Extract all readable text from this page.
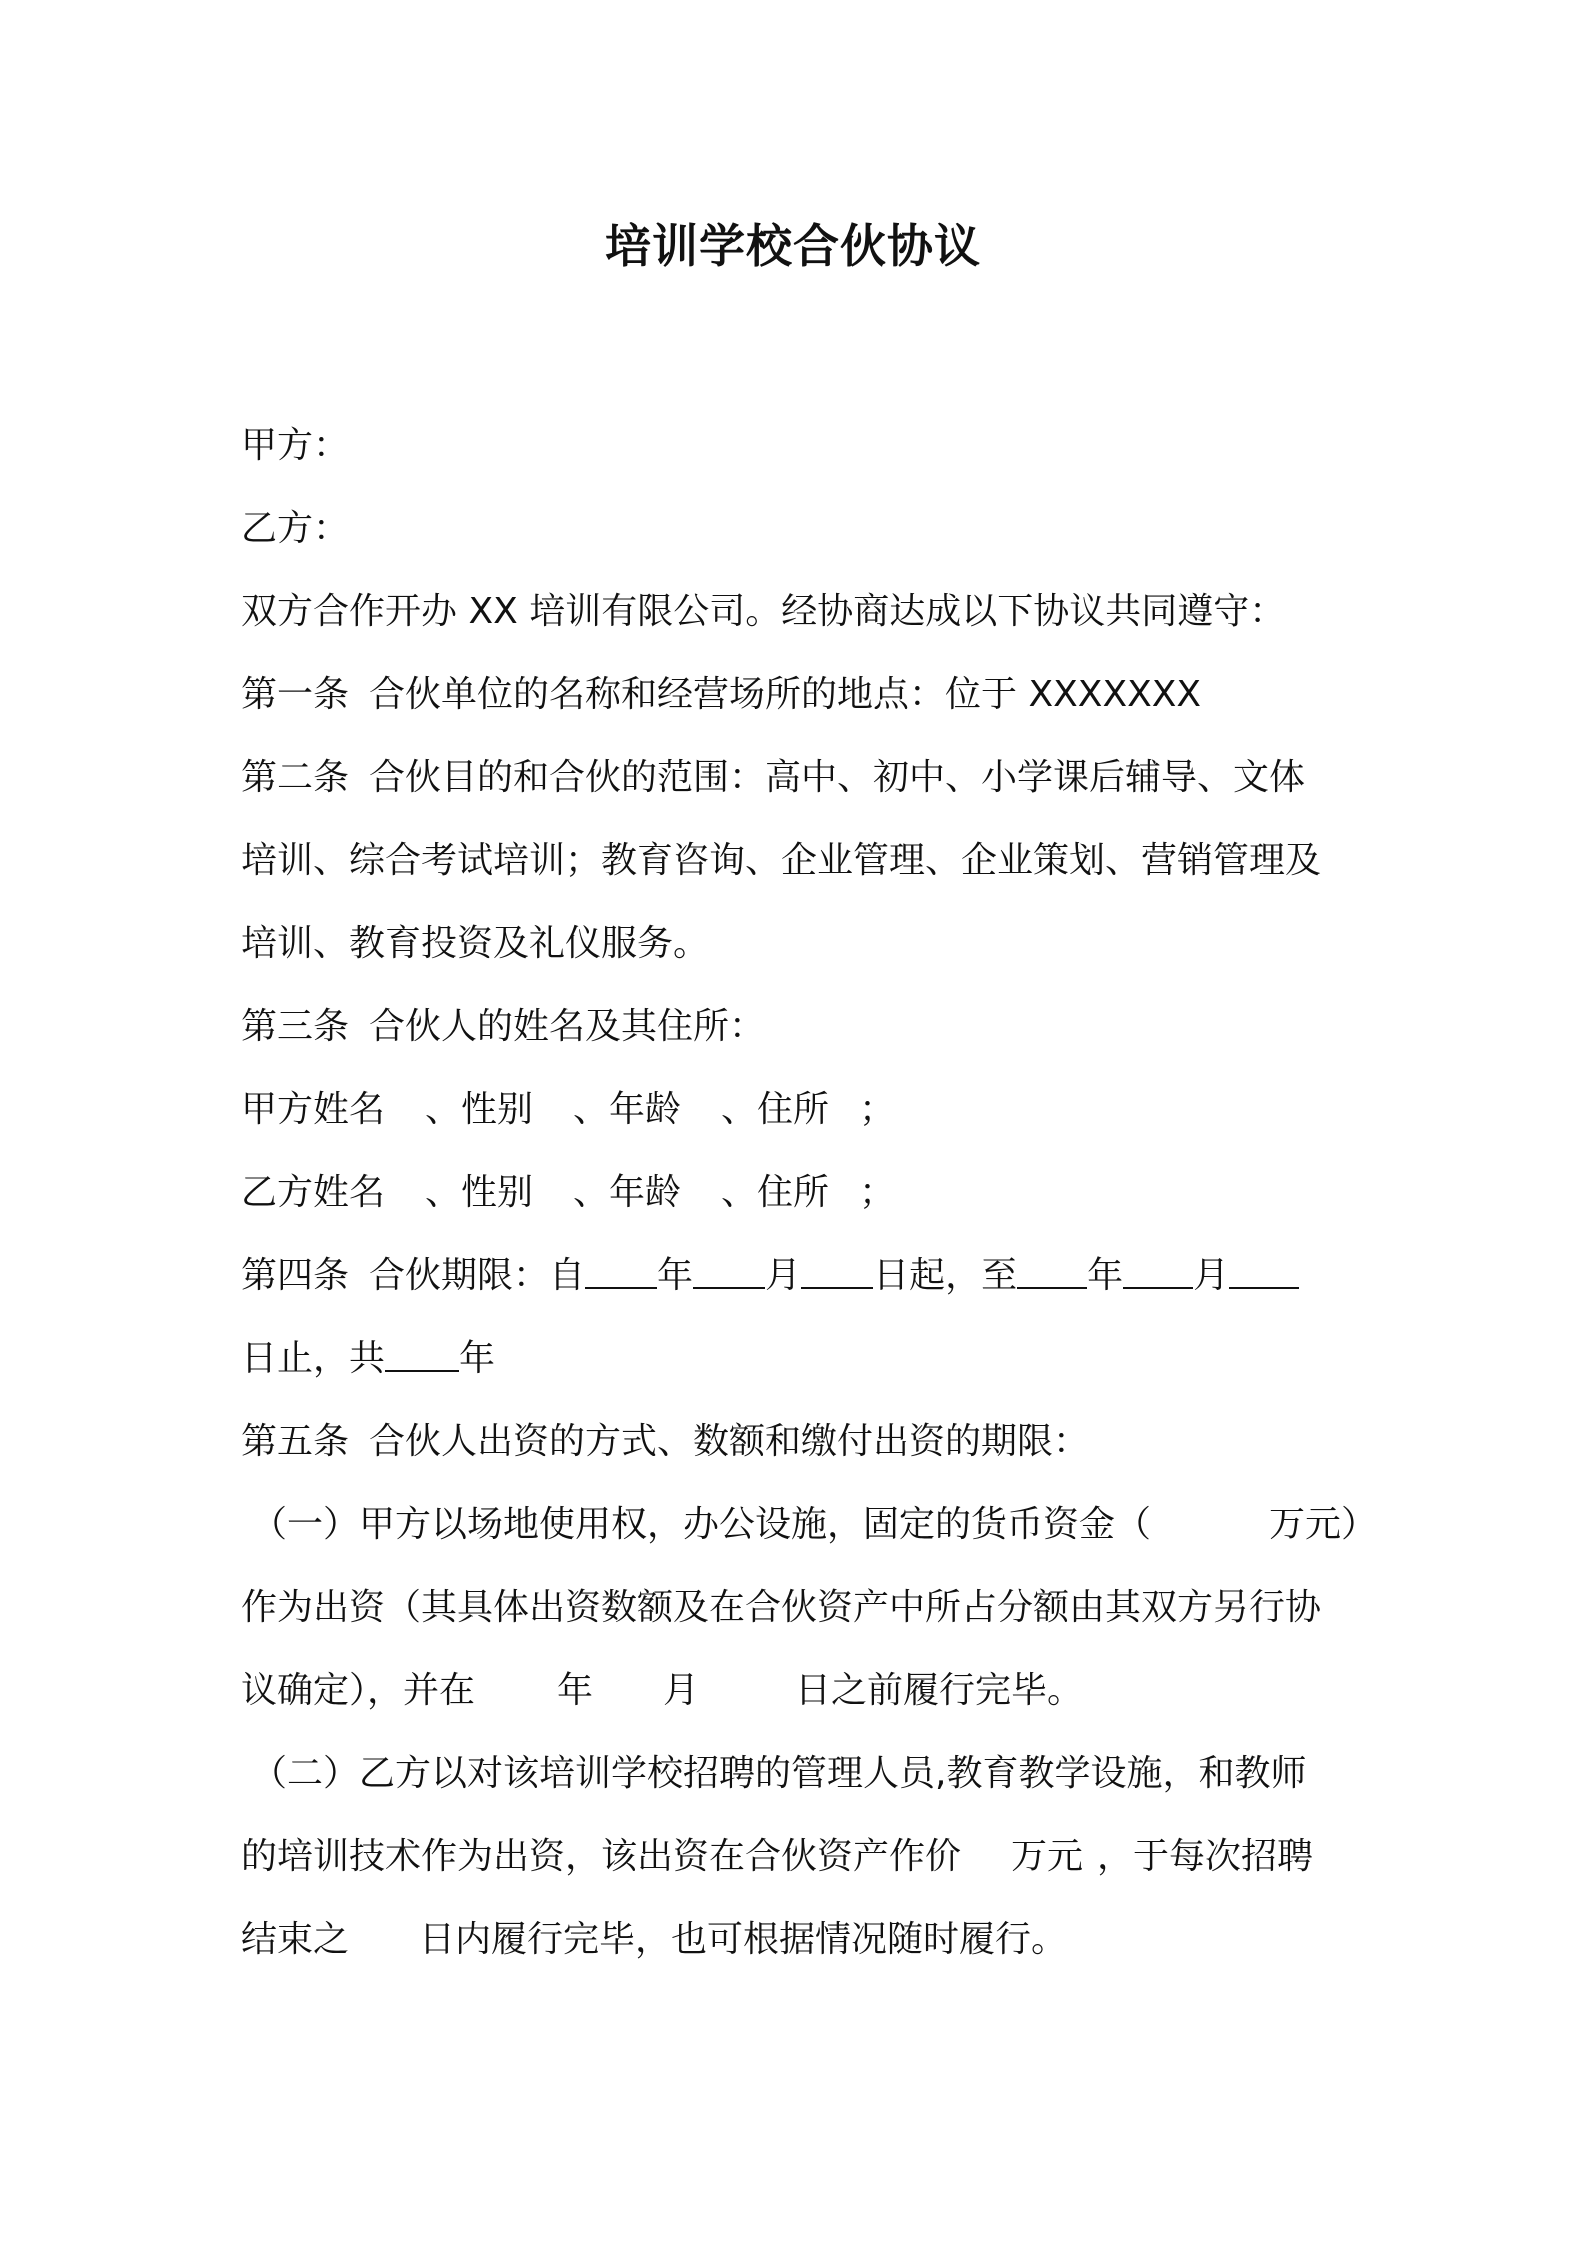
培训学校合伙协议
甲方：
乙方：
双方合作开办 XX 培训有限公司。经协商达成以下协议共同遵守：
第一条 合伙单位的名称和经营场所的地点：位于 XXXXXXX
第二条 合伙目的和合伙的范围：高中、初中、小学课后辅导、文体
培训、综合考试培训；教育咨询、企业管理、企业策划、营销管理及
培训、教育投资及礼仪服务。
第三条 合伙人的姓名及其住所：
甲方姓名 、性别 、年龄 、住所 ；
乙方姓名 、性别 、年龄 、住所 ；
第四条 合伙期限：自 年 月 日起，至 年 月
日止，共 年
第五条 合伙人出资的方式、数额和缴付出资的期限：
（一）甲方以场地使用权，办公设施，固定的货币资金（	万元）
作为出资（其具体出资数额及在合伙资产中所占分额由其双方另行协
议确定），并在 年 月	日之前履行完毕。
（二）乙方以对该培训学校招聘的管理人员,教育教学设施，和教师
的培训技术作为出资，该出资在合伙资产作价 万元 ，于每次招聘
结束之 日内履行完毕，也可根据情况随时履行。
